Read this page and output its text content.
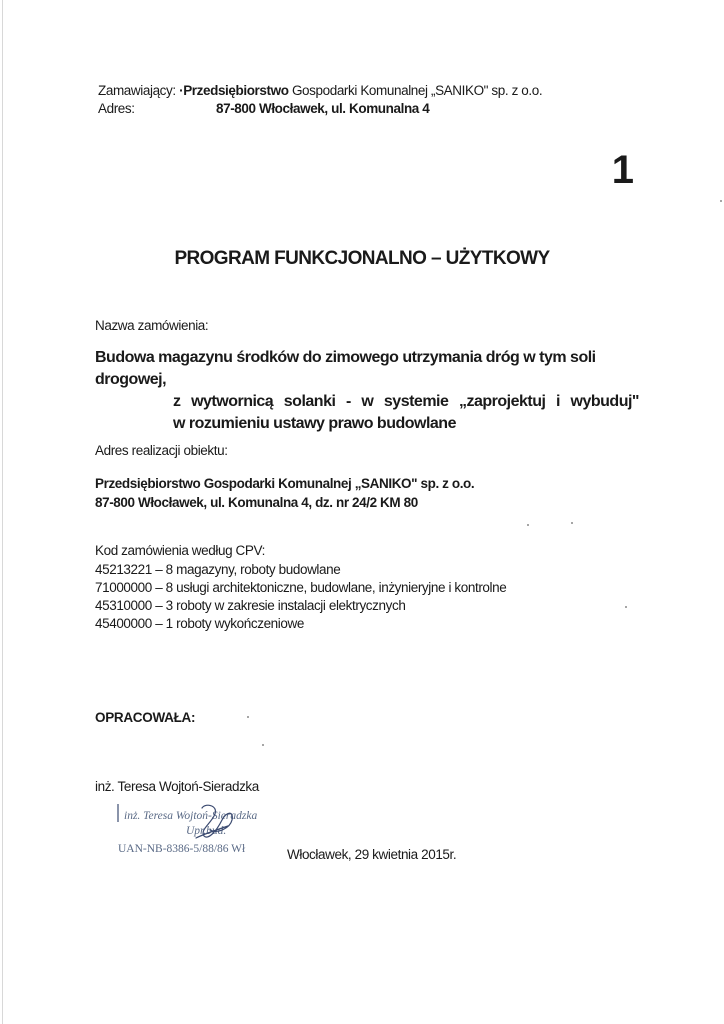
Zamawiający: ·Przedsiębiorstwo Gospodarki Komunalnej „SANIKO" sp. z o.o.
Adres:	87-800 Włocławek, ul. Komunalna 4
1
PROGRAM FUNKCJONALNO – UŻYTKOWY
Nazwa zamówienia:
Budowa magazynu środków do zimowego utrzymania dróg w tym soli drogowej,
z wytwornicą solanki - w systemie „zaprojektuj i wybuduj"
w rozumieniu ustawy prawo budowlane
Adres realizacji obiektu:
Przedsiębiorstwo Gospodarki Komunalnej „SANIKO" sp. z o.o.
87-800 Włocławek, ul. Komunalna 4, dz. nr 24/2 KM 80
Kod zamówienia według CPV:
45213221 – 8 magazyny, roboty budowlane
71000000 – 8 usługi architektoniczne, budowlane, inżynieryjne i kontrolne
45310000 – 3 roboty w zakresie instalacji elektrycznych
45400000 – 1 roboty wykończeniowe
OPRACOWAŁA:
inż. Teresa Wojtoń-Sieradzka
inż. Teresa Wojtoń-Sieradzka
Upr.bud.
UAN-NB-8386-5/88/86 Wł	Włocławek, 29 kwietnia 2015r.
